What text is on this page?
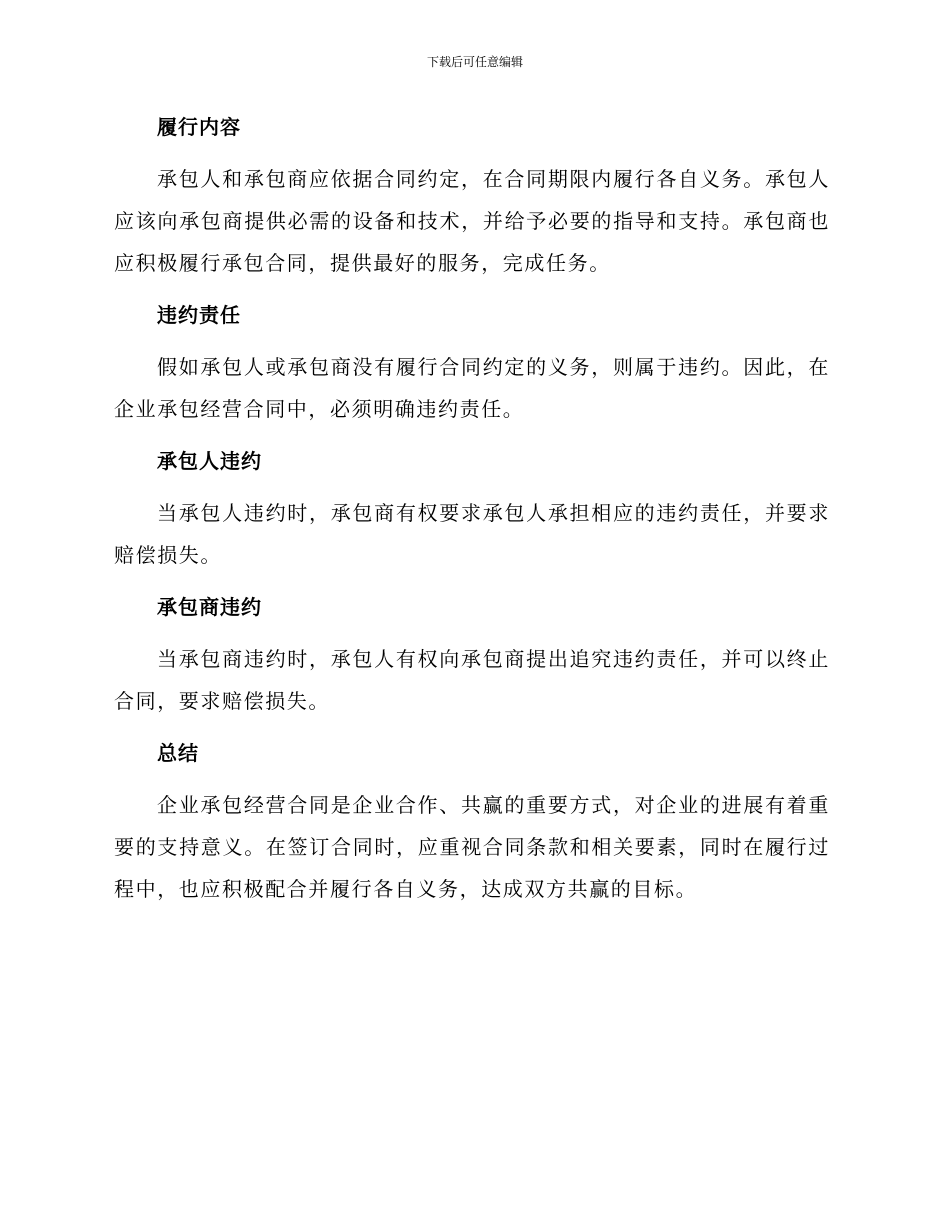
下载后可任意编辑
履行内容

承包人和承包商应依据合同约定，在合同期限内履行各自义务。承包人应该向承包商提供必需的设备和技术，并给予必要的指导和支持。承包商也应积极履行承包合同，提供最好的服务，完成任务。

违约责任

假如承包人或承包商没有履行合同约定的义务，则属于违约。因此，在企业承包经营合同中，必须明确违约责任。

承包人违约

当承包人违约时，承包商有权要求承包人承担相应的违约责任，并要求赔偿损失。

承包商违约

当承包商违约时，承包人有权向承包商提出追究违约责任，并可以终止合同，要求赔偿损失。

总结

企业承包经营合同是企业合作、共赢的重要方式，对企业的进展有着重要的支持意义。在签订合同时，应重视合同条款和相关要素，同时在履行过程中，也应积极配合并履行各自义务，达成双方共赢的目标。
